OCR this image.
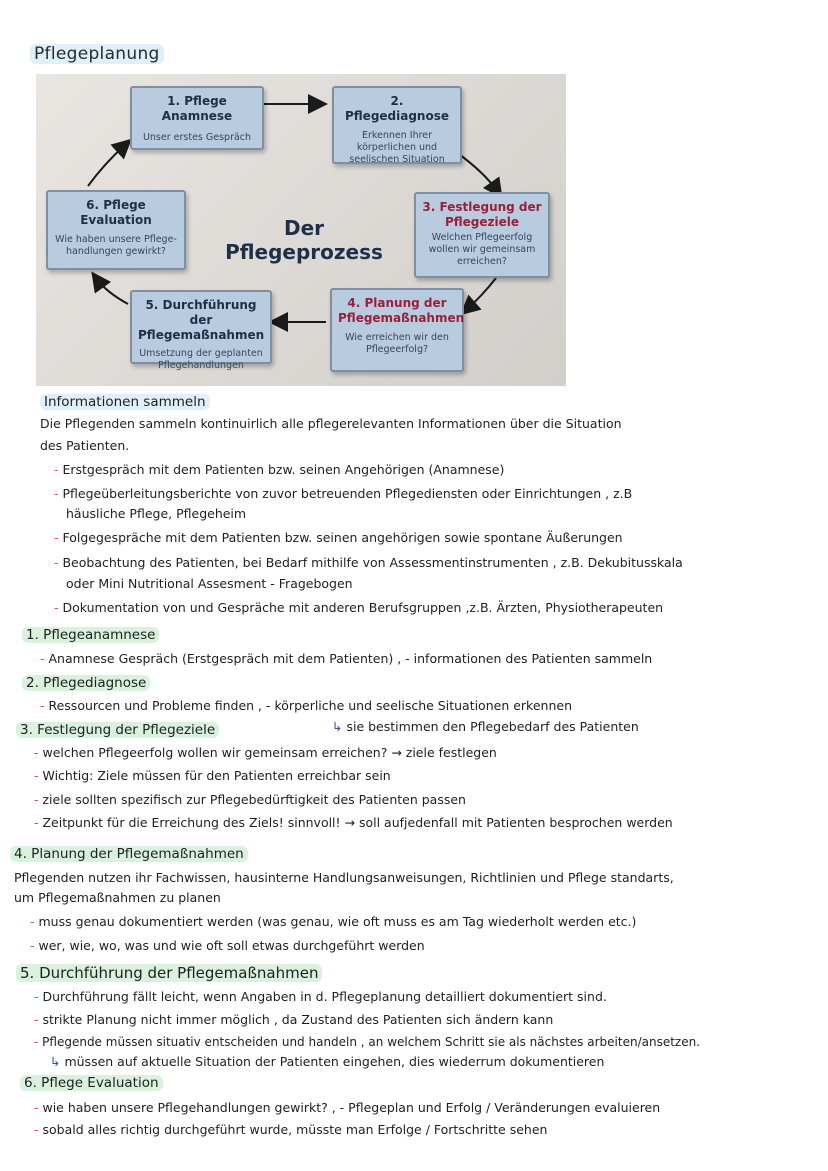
Pflegeplanung
1. Pflege Anamnese
Unser erstes Gespräch
2. Pflegediagnose
Erkennen Ihrer körperlichen und seelischen Situation
3. Festlegung der Pflegeziele
Welchen Pflegeerfolg wollen wir gemeinsam erreichen?
4. Planung der Pflegemaßnahmen
Wie erreichen wir den Pflegeerfolg?
5. Durchführung der Pflegemaßnahmen
Umsetzung der geplanten Pflegehandlungen
6. Pflege Evaluation
Wie haben unsere Pflege-handlungen gewirkt?
Der Pflegeprozess
Informationen sammeln
Die Pflegenden sammeln kontinuirlich alle pflegerelevanten Informationen über die Situation
des Patienten.
- Erstgespräch mit dem Patienten bzw. seinen Angehörigen (Anamnese)
- Pflegeüberleitungsberichte von zuvor betreuenden Pflegediensten oder Einrichtungen , z.B
häusliche Pflege, Pflegeheim
- Folgegespräche mit dem Patienten bzw. seinen angehörigen sowie spontane Äußerungen
- Beobachtung des Patienten, bei Bedarf mithilfe von Assessmentinstrumenten , z.B. Dekubitusskala
oder Mini Nutritional Assesment - Fragebogen
- Dokumentation von und Gespräche mit anderen Berufsgruppen ,z.B. Ärzten, Physiotherapeuten
1. Pflegeanamnese
- Anamnese Gespräch (Erstgespräch mit dem Patienten) , - informationen des Patienten sammeln
2. Pflegediagnose
- Ressourcen und Probleme finden , - körperliche und seelische Situationen erkennen
↳ sie bestimmen den Pflegebedarf des Patienten
3. Festlegung der Pflegeziele
- welchen Pflegeerfolg wollen wir gemeinsam erreichen? → ziele festlegen
- Wichtig: Ziele müssen für den Patienten erreichbar sein
- ziele sollten spezifisch zur Pflegebedürftigkeit des Patienten passen
- Zeitpunkt für die Erreichung des Ziels! sinnvoll! → soll aufjedenfall mit Patienten besprochen werden
4. Planung der Pflegemaßnahmen
Pflegenden nutzen ihr Fachwissen, hausinterne Handlungsanweisungen, Richtlinien und Pflege standarts,
um Pflegemaßnahmen zu planen
- muss genau dokumentiert werden (was genau, wie oft muss es am Tag wiederholt werden etc.)
- wer, wie, wo, was und wie oft soll etwas durchgeführt werden
5. Durchführung der Pflegemaßnahmen
- Durchführung fällt leicht, wenn Angaben in d. Pflegeplanung detailliert dokumentiert sind.
- strikte Planung nicht immer möglich , da Zustand des Patienten sich ändern kann
- Pflegende müssen situativ entscheiden und handeln , an welchem Schritt sie als nächstes arbeiten/ansetzen.
↳ müssen auf aktuelle Situation der Patienten eingehen, dies wiederrum dokumentieren
6. Pflege Evaluation
- wie haben unsere Pflegehandlungen gewirkt? , - Pflegeplan und Erfolg / Veränderungen evaluieren
- sobald alles richtig durchgeführt wurde, müsste man Erfolge / Fortschritte sehen
